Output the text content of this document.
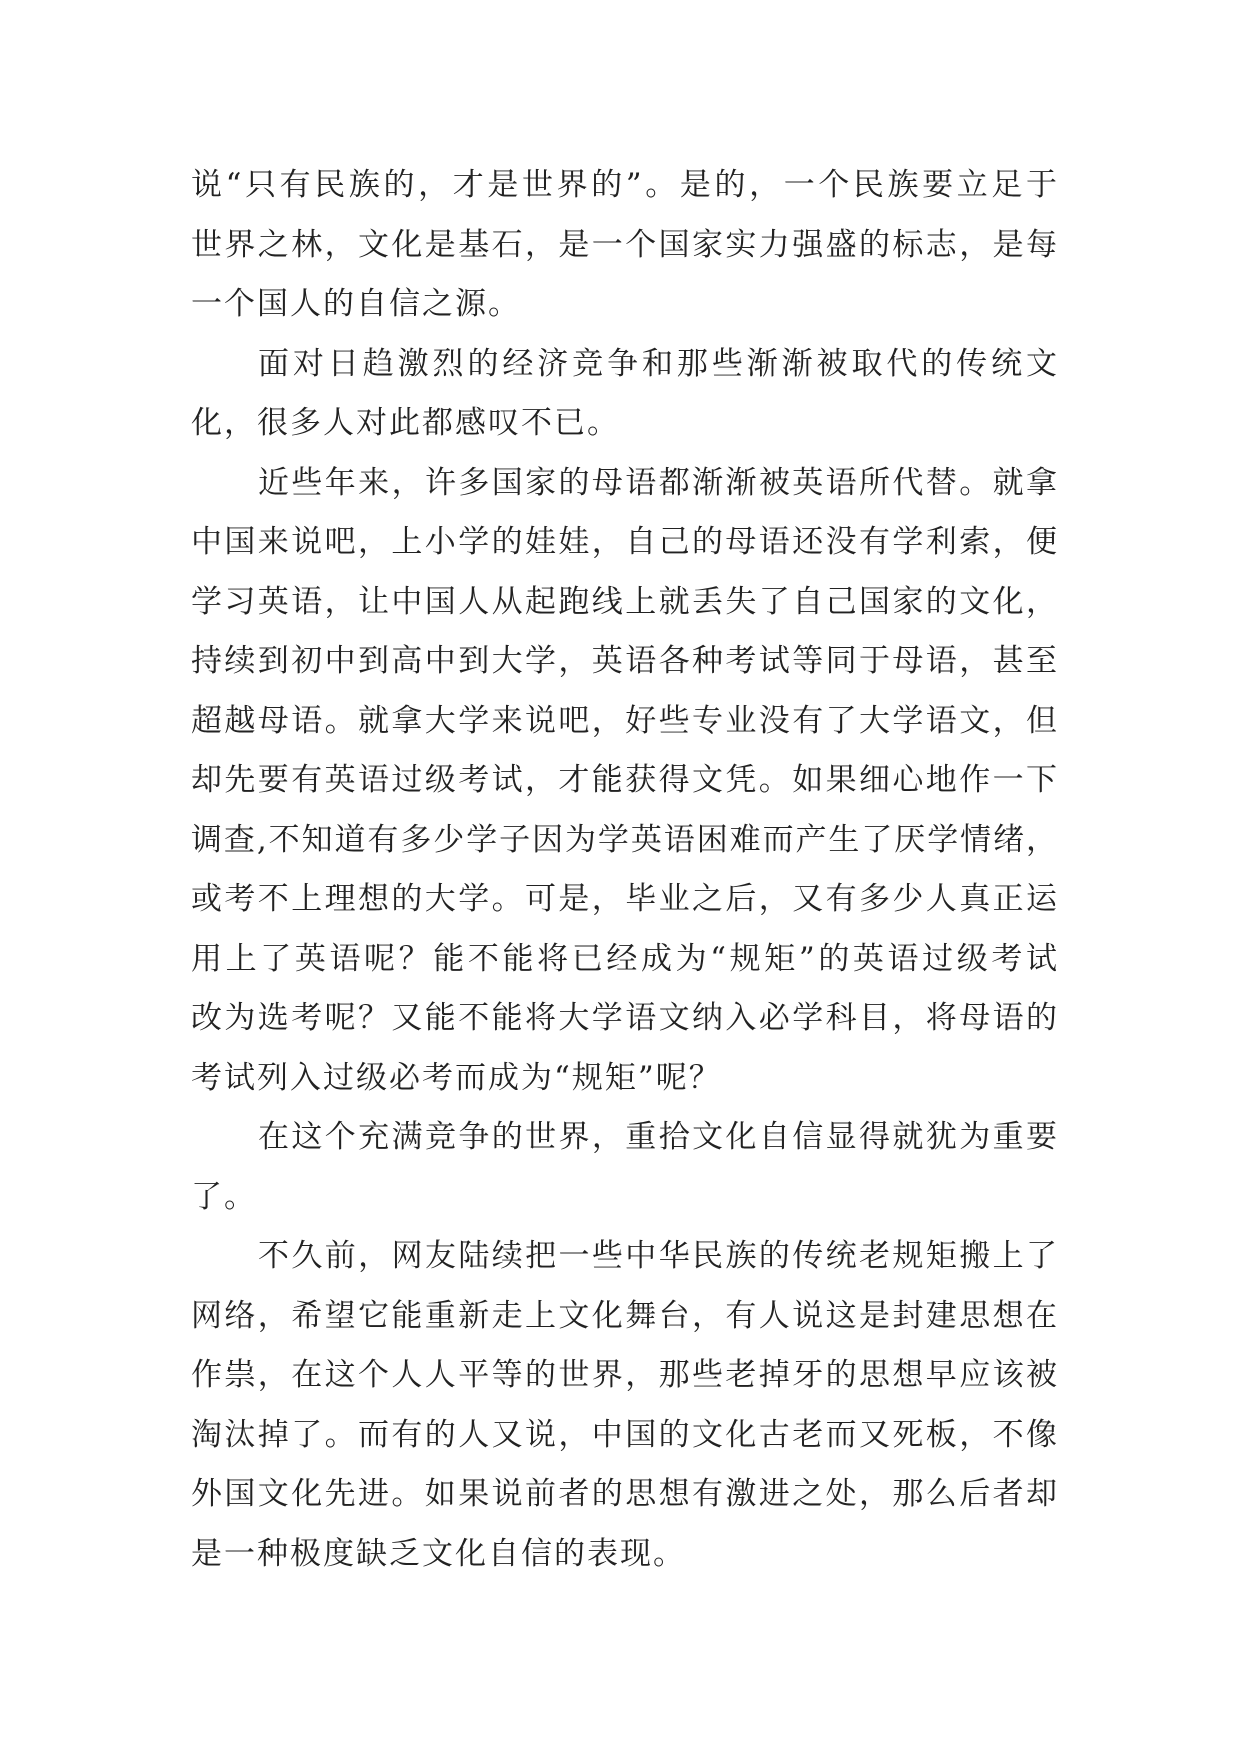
说“只有民族的，才是世界的”。是的，一个民族要立足于
世界之林，文化是基石，是一个国家实力强盛的标志，是每
一个国人的自信之源。
面对日趋激烈的经济竞争和那些渐渐被取代的传统文
化，很多人对此都感叹不已。
近些年来，许多国家的母语都渐渐被英语所代替。就拿
中国来说吧，上小学的娃娃，自己的母语还没有学利索，便
学习英语，让中国人从起跑线上就丢失了自己国家的文化，
持续到初中到高中到大学，英语各种考试等同于母语，甚至
超越母语。就拿大学来说吧，好些专业没有了大学语文，但
却先要有英语过级考试，才能获得文凭。如果细心地作一下
调查,不知道有多少学子因为学英语困难而产生了厌学情绪，
或考不上理想的大学。可是，毕业之后，又有多少人真正运
用上了英语呢？能不能将已经成为“规矩”的英语过级考试
改为选考呢？又能不能将大学语文纳入必学科目，将母语的
考试列入过级必考而成为“规矩”呢？
在这个充满竞争的世界，重拾文化自信显得就犹为重要
了。
不久前，网友陆续把一些中华民族的传统老规矩搬上了
网络，希望它能重新走上文化舞台，有人说这是封建思想在
作祟，在这个人人平等的世界，那些老掉牙的思想早应该被
淘汰掉了。而有的人又说，中国的文化古老而又死板，不像
外国文化先进。如果说前者的思想有激进之处，那么后者却
是一种极度缺乏文化自信的表现。
